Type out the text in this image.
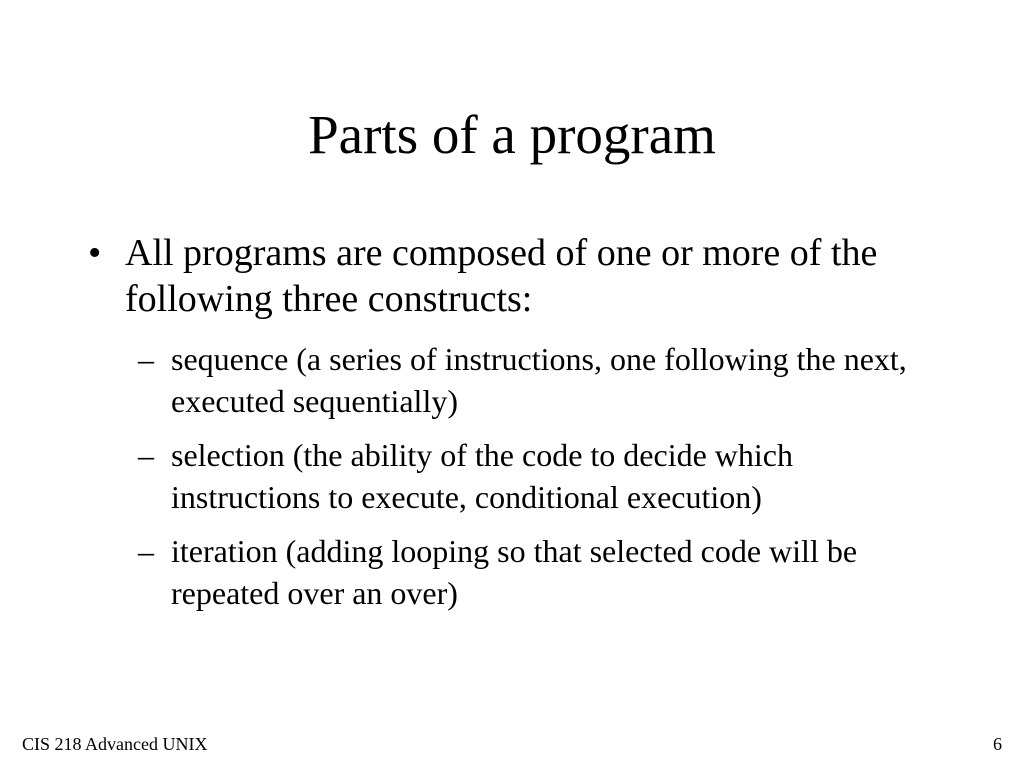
Parts of a program
• All programs are composed of one or more of the following three constructs:
– sequence (a series of instructions, one following the next, executed sequentially)
– selection (the ability of the code to decide which instructions to execute, conditional execution)
– iteration (adding looping so that selected code will be repeated over an over)
CIS 218 Advanced UNIX	6
